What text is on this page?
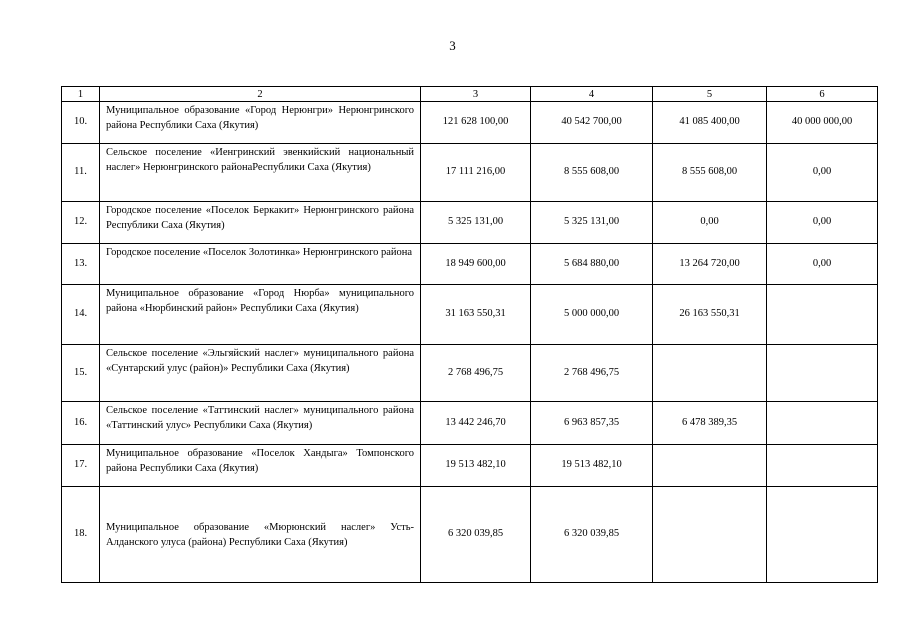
3
1	2	3	4	5	6
10.	Муниципальное образование «Город Нерюнгри» Нерюнгринского района Республики Саха (Якутия)	121 628 100,00	40 542 700,00	41 085 400,00	40 000 000,00
11.	Сельское поселение «Иенгринский эвенкийский национальный наслег» Нерюнгринского районаРеспублики Саха (Якутия)	17 111 216,00	8 555 608,00	8 555 608,00	0,00
12.	Городское поселение «Поселок Беркакит» Нерюнгринского района Республики Саха (Якутия)	5 325 131,00	5 325 131,00	0,00	0,00
13.	Городское поселение «Поселок Золотинка» Нерюнгринского района	18 949 600,00	5 684 880,00	13 264 720,00	0,00
14.	Муниципальное образование «Город Нюрба» муниципального района «Нюрбинский район» Республики Саха (Якутия)	31 163 550,31	5 000 000,00	26 163 550,31	
15.	Сельское поселение «Эльгяйский наслег» муниципального района «Сунтарский улус (район)» Республики Саха (Якутия)	2 768 496,75	2 768 496,75		
16.	Сельское поселение «Таттинский наслег» муниципального района «Таттинский улус» Республики Саха (Якутия)	13 442 246,70	6 963 857,35	6 478 389,35	
17.	Муниципальное образование «Поселок Хандыга» Томпонского района Республики Саха (Якутия)	19 513 482,10	19 513 482,10		
18.	Муниципальное образование «Мюрюнский наслег» Усть-Алданского улуса (района) Республики Саха (Якутия)	6 320 039,85	6 320 039,85		
